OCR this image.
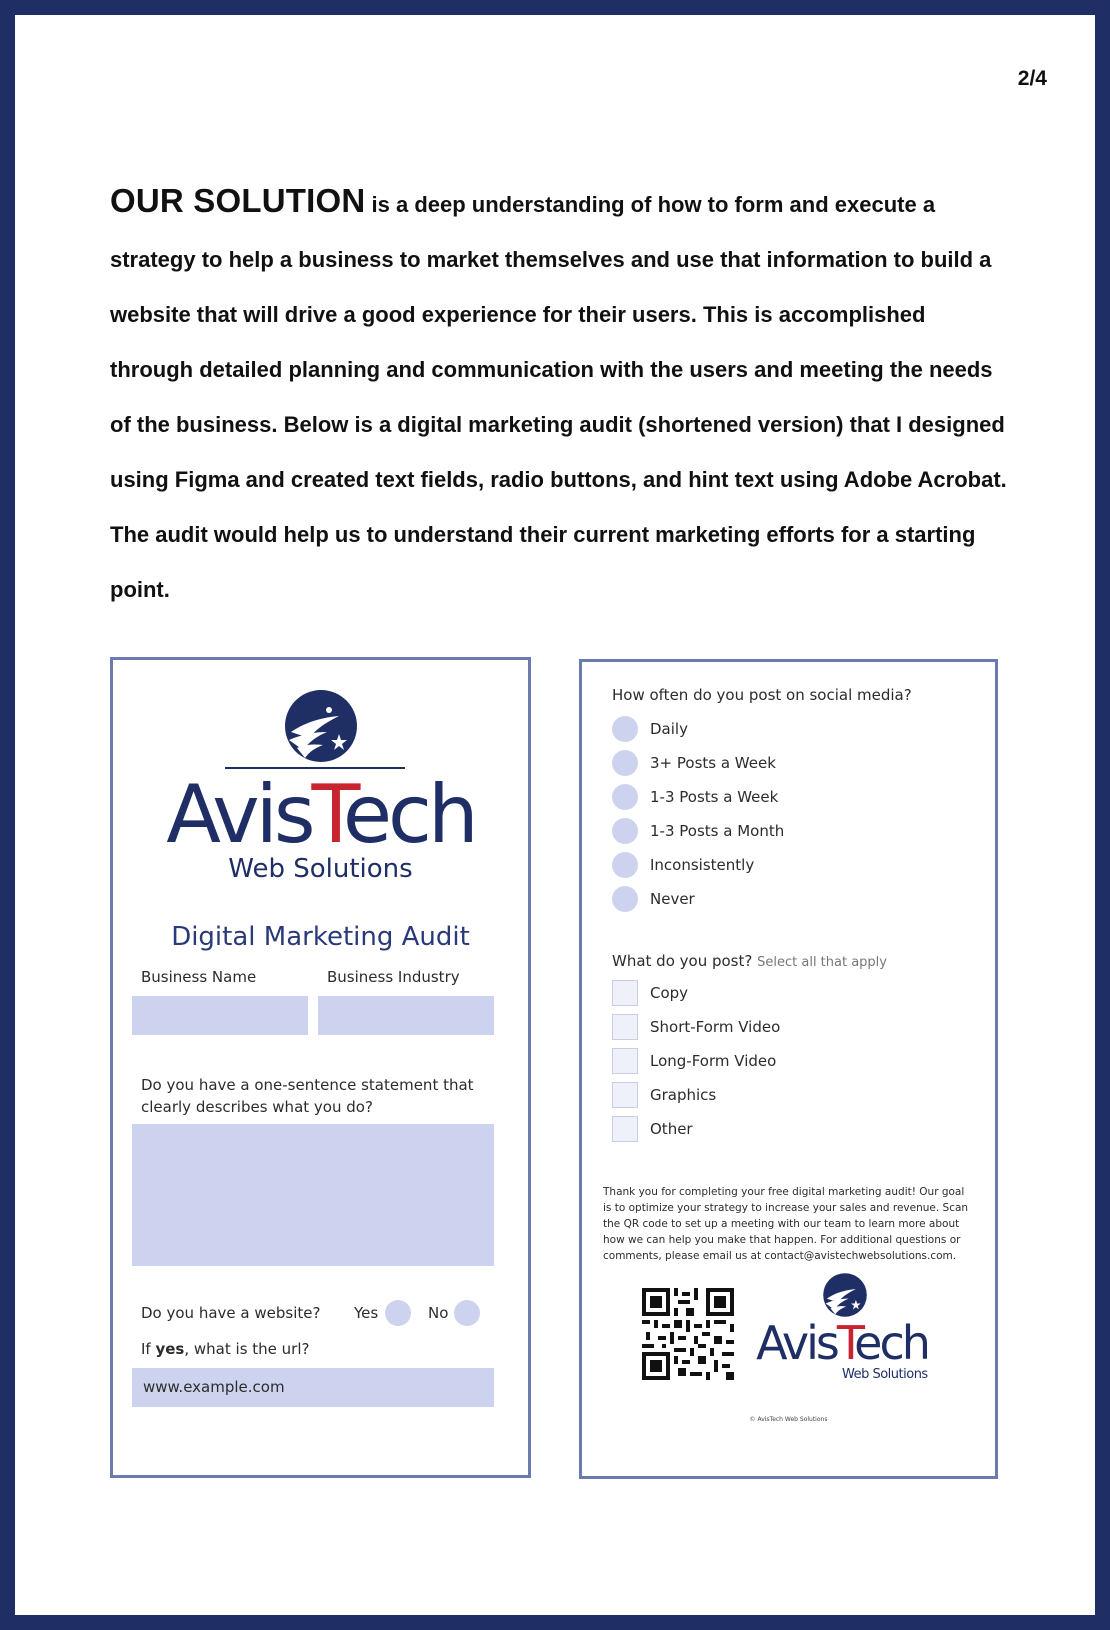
2/4
OUR SOLUTION is a deep understanding of how to form and execute a strategy to help a business to market themselves and use that information to build a website that will drive a good experience for their users. This is accomplished through detailed planning and communication with the users and meeting the needs of the business. Below is a digital marketing audit (shortened version) that I designed using Figma and created text fields, radio buttons, and hint text using Adobe Acrobat. The audit would help us to understand their current marketing efforts for a starting point.
AvisTech
Web Solutions
Digital Marketing Audit
Business Name	Business Industry
Do you have a one-sentence statement that clearly describes what you do?
Do you have a website? Yes	No
If yes, what is the url?
www.example.com
How often do you post on social media?
Daily
3+ Posts a Week
1-3 Posts a Week
1-3 Posts a Month
Inconsistently
Never
What do you post? Select all that apply
Copy
Short-Form Video
Long-Form Video
Graphics
Other
Thank you for completing your free digital marketing audit! Our goal is to optimize your strategy to increase your sales and revenue. Scan the QR code to set up a meeting with our team to learn more about how we can help you make that happen. For additional questions or comments, please email us at contact@avistechwebsolutions.com.
AvisTech
Web Solutions
© AvisTech Web Solutions
